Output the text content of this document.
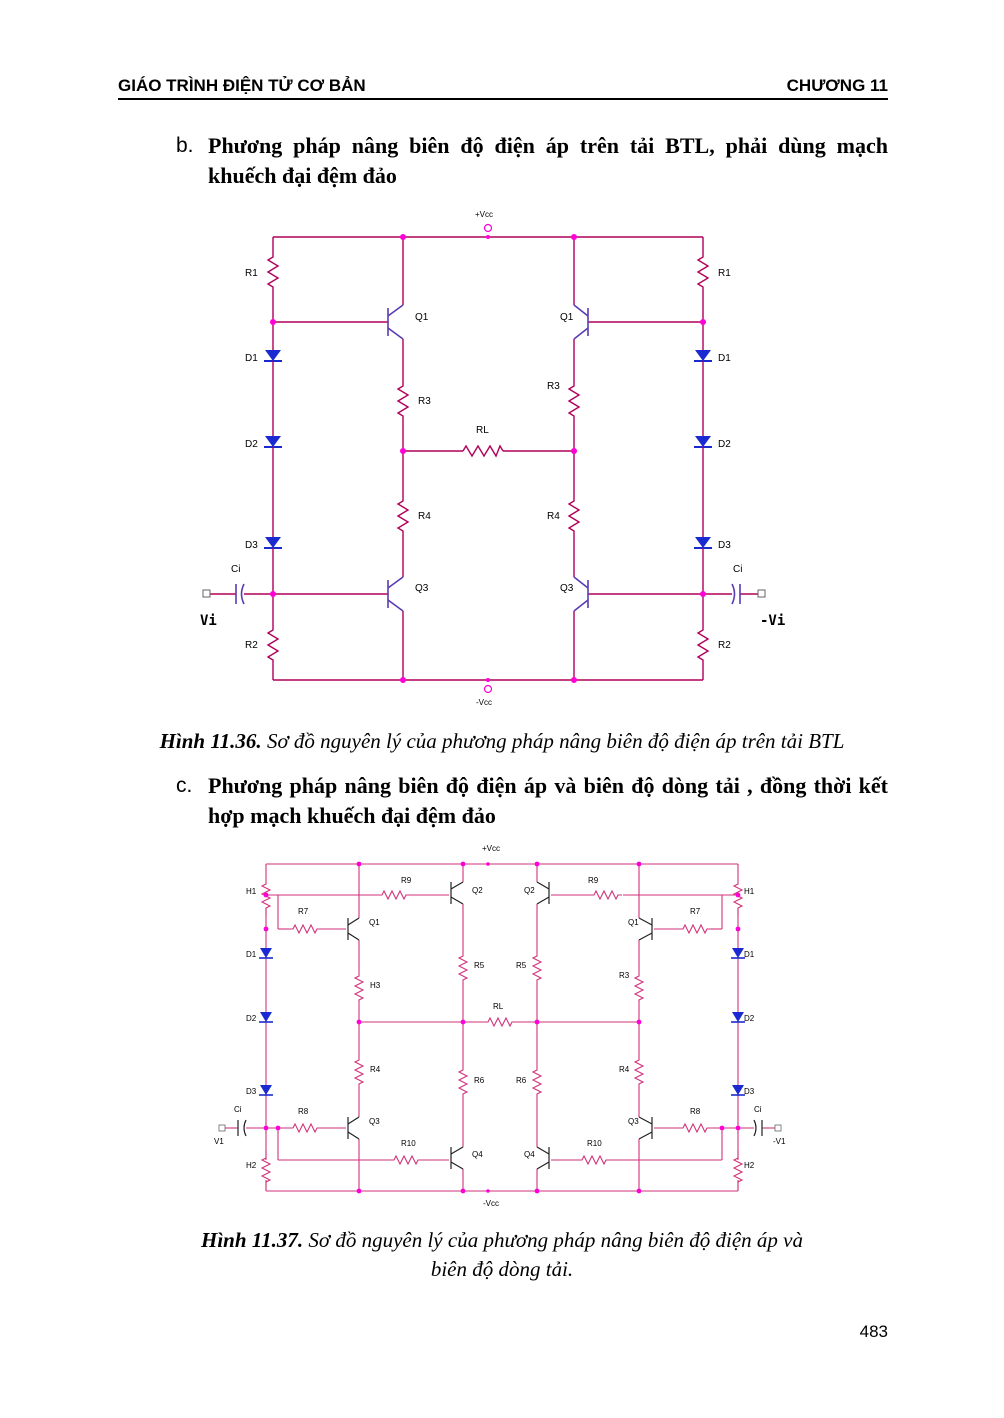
GIÁO TRÌNH ĐIỆN TỬ CƠ BẢN	CHƯƠNG 11
b. Phương pháp nâng biên độ điện áp trên tải BTL, phải dùng mạch khuếch đại đệm đảo
+Vcc
-Vcc
R1	R1
R2	R2
R3
R3
R4	R4
RL
D1
D2
D3
D1
D2
D3
Q1	Q1
Q3	Q3
Ci	Ci
Vi	-Vi
Hình 11.36. Sơ đồ nguyên lý của phương pháp nâng biên độ điện áp trên tải BTL
c. Phương pháp nâng biên độ điện áp và biên độ dòng tải , đồng thời kết hợp mạch khuếch đại đệm đảo
+Vcc
-Vcc
H1	H1
H2	H2
H3
R3
R4	R4
R5	R5
R6	R6
R7	R7
R8	R8
R9	R9
R10	R10
RL
D1
D2
D3
D1
D2
D3
Q1	Q1
Q2	Q2
Q3	Q3
Q4	Q4
Ci	Ci
V1	-V1
Hình 11.37. Sơ đồ nguyên lý của phương pháp nâng biên độ điện áp và
biên độ dòng tải.
483
